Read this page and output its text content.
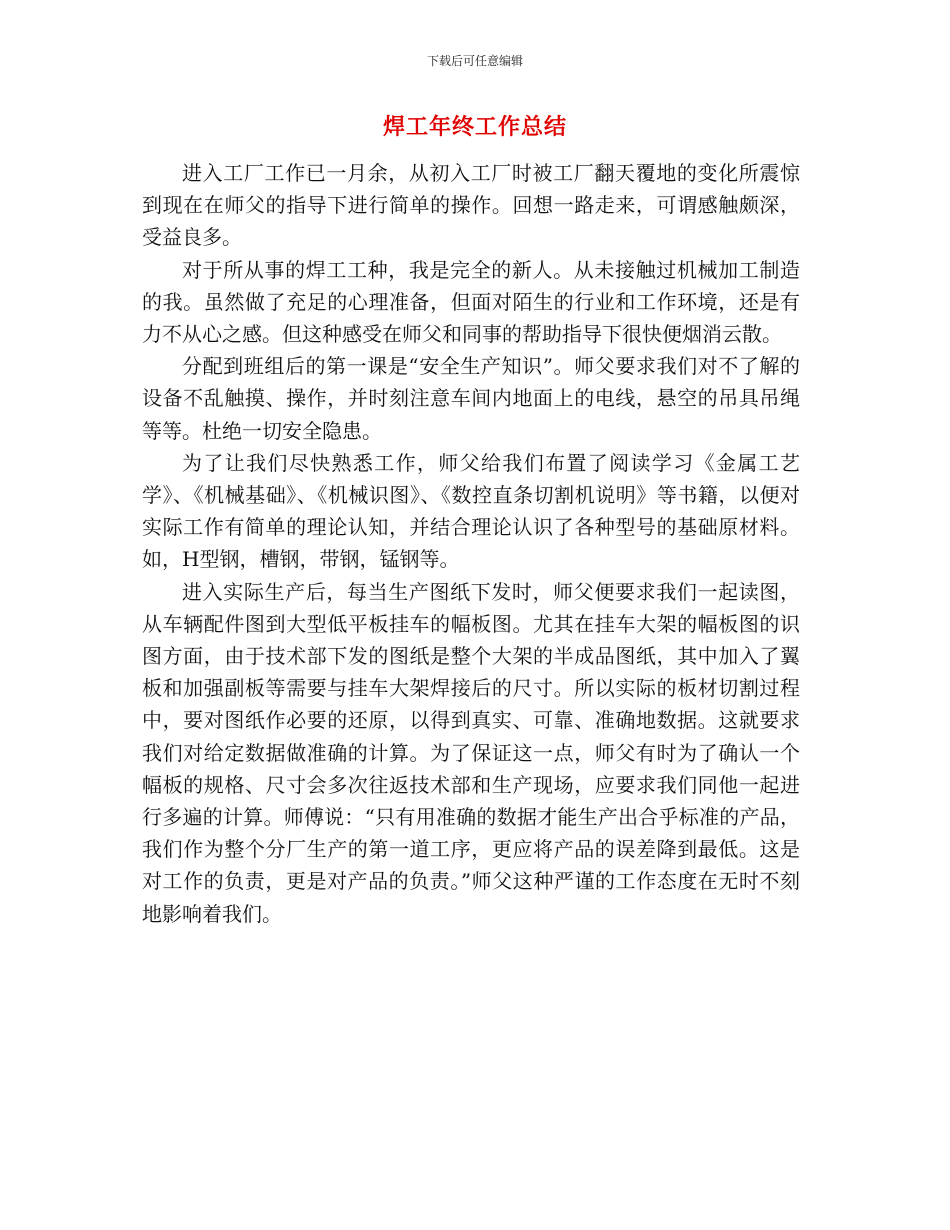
下载后可任意编辑
焊工年终工作总结

进入工厂工作已一月余，从初入工厂时被工厂翻天覆地的变化所震惊到现在在师父的指导下进行简单的操作。回想一路走来，可谓感触颇深，受益良多。

对于所从事的焊工工种，我是完全的新人。从未接触过机械加工制造的我。虽然做了充足的心理准备，但面对陌生的行业和工作环境，还是有力不从心之感。但这种感受在师父和同事的帮助指导下很快便烟消云散。

分配到班组后的第一课是“安全生产知识”。师父要求我们对不了解的设备不乱触摸、操作，并时刻注意车间内地面上的电线，悬空的吊具吊绳等等。杜绝一切安全隐患。

为了让我们尽快熟悉工作，师父给我们布置了阅读学习《金属工艺学》、《机械基础》、《机械识图》、《数控直条切割机说明》等书籍，以便对实际工作有简单的理论认知，并结合理论认识了各种型号的基础原材料。如，H型钢，槽钢，带钢，锰钢等。

进入实际生产后，每当生产图纸下发时，师父便要求我们一起读图，从车辆配件图到大型低平板挂车的幅板图。尤其在挂车大架的幅板图的识图方面，由于技术部下发的图纸是整个大架的半成品图纸，其中加入了翼板和加强副板等需要与挂车大架焊接后的尺寸。所以实际的板材切割过程中，要对图纸作必要的还原，以得到真实、可靠、准确地数据。这就要求我们对给定数据做准确的计算。为了保证这一点，师父有时为了确认一个幅板的规格、尺寸会多次往返技术部和生产现场，应要求我们同他一起进行多遍的计算。师傅说：“只有用准确的数据才能生产出合乎标准的产品，我们作为整个分厂生产的第一道工序，更应将产品的误差降到最低。这是对工作的负责，更是对产品的负责。”师父这种严谨的工作态度在无时不刻地影响着我们。
